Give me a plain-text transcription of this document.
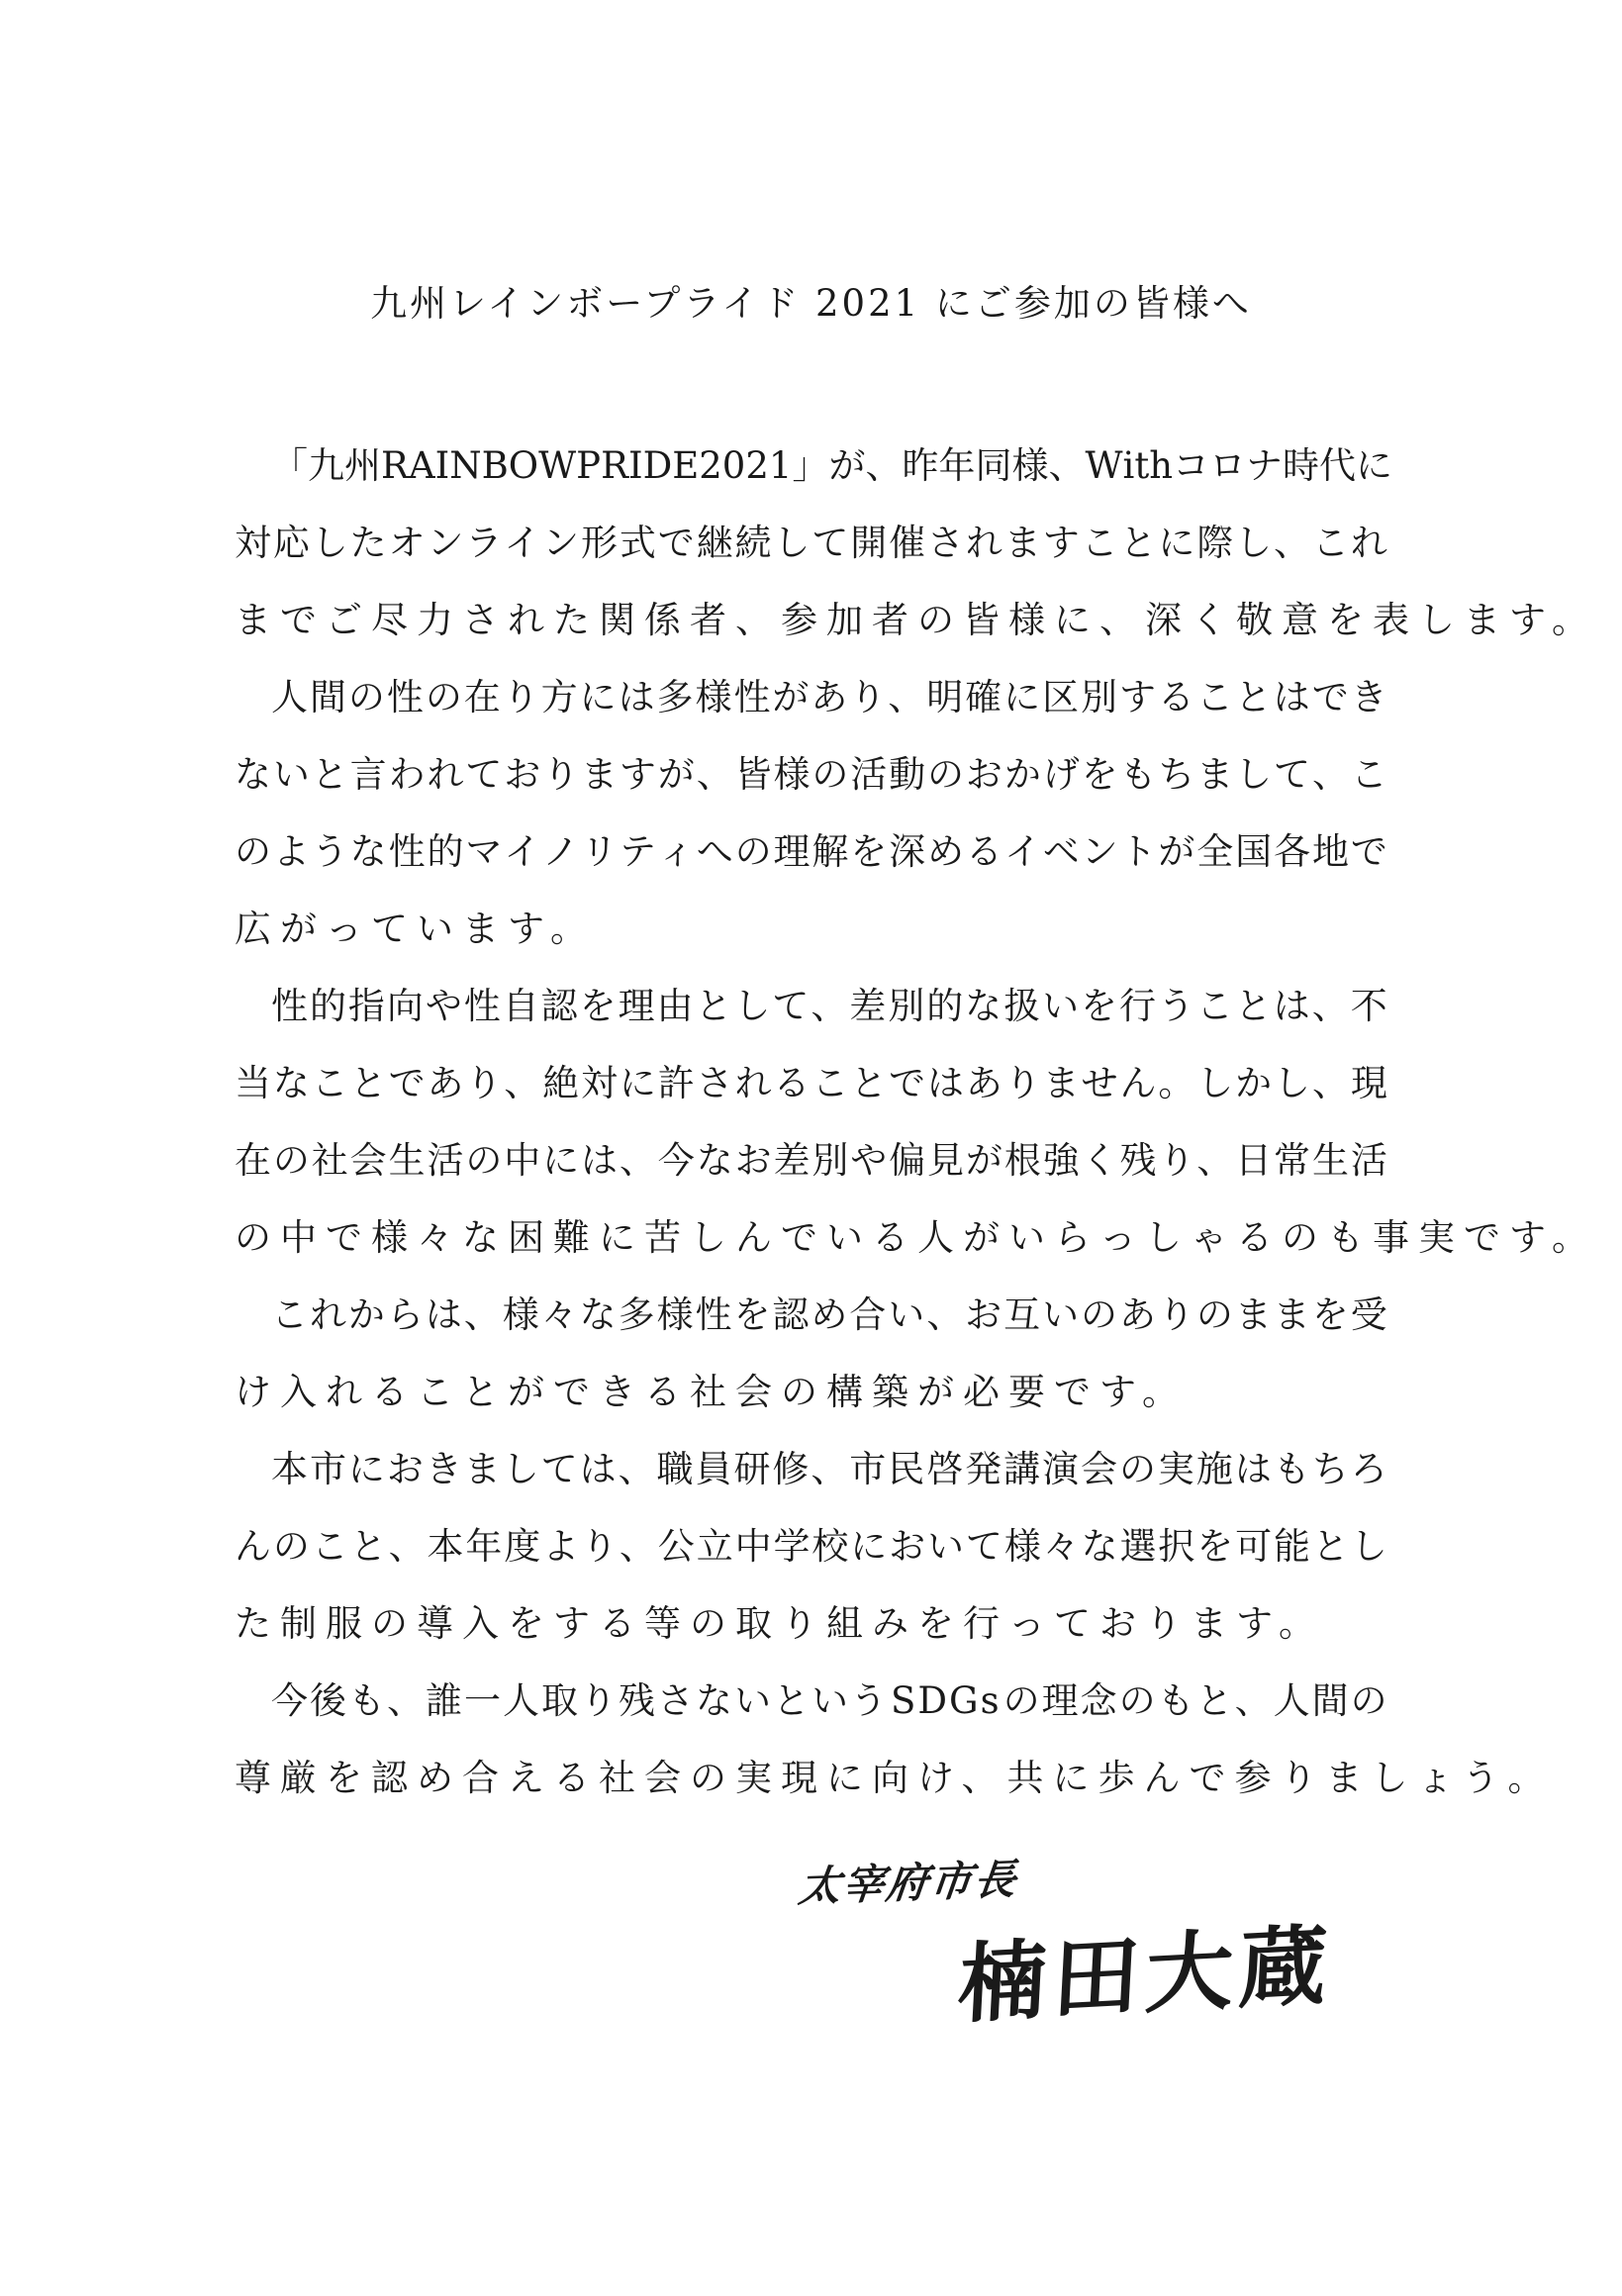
九州レインボープライド 2021 にご参加の皆様へ
「 九 州 R A I N B O W P R I D E 2 0 2 1 」 が 、 昨 年 同 様 、 W i t h コ ロ ナ 時 代 に
対 応 し た オ ン ラ イ ン 形 式 で 継 続 し て 開 催 さ れ ま す こ と に 際 し 、 こ れ
までご尽力された関係者、参加者の皆様に、深く敬意を表します。
人 間 の 性 の 在 り 方 に は 多 様 性 が あ り 、 明 確 に 区 別 す る こ と は で き
な い と 言 わ れ て お り ま す が 、 皆 様 の 活 動 の お か げ を も ち ま し て 、 こ
の よ う な 性 的 マ イ ノ リ テ ィ へ の 理 解 を 深 め る イ ベ ン ト が 全 国 各 地 で
広がっています。
性 的 指 向 や 性 自 認 を 理 由 と し て 、 差 別 的 な 扱 い を 行 う こ と は 、 不
当 な こ と で あ り 、 絶 対 に 許 さ れ る こ と で は あ り ま せ ん 。 し か し 、 現
在 の 社 会 生 活 の 中 に は 、 今 な お 差 別 や 偏 見 が 根 強 く 残 り 、 日 常 生 活
の中で様々な困難に苦しんでいる人がいらっしゃるのも事実です。
こ れ か ら は 、 様 々 な 多 様 性 を 認 め 合 い 、 お 互 い の あ り の ま ま を 受
け入れることができる社会の構築が必要です。
本 市 に お き ま し て は 、 職 員 研 修 、 市 民 啓 発 講 演 会 の 実 施 は も ち ろ
ん の こ と 、 本 年 度 よ り 、 公 立 中 学 校 に お い て 様 々 な 選 択 を 可 能 と し
た制服の導入をする等の取り組みを行っております。
今 後 も 、 誰 一 人 取 り 残 さ な い と い う S D G s の 理 念 の も と 、 人 間 の
尊厳を認め合える社会の実現に向け、共に歩んで参りましょう。
太宰府市長
楠田大蔵
